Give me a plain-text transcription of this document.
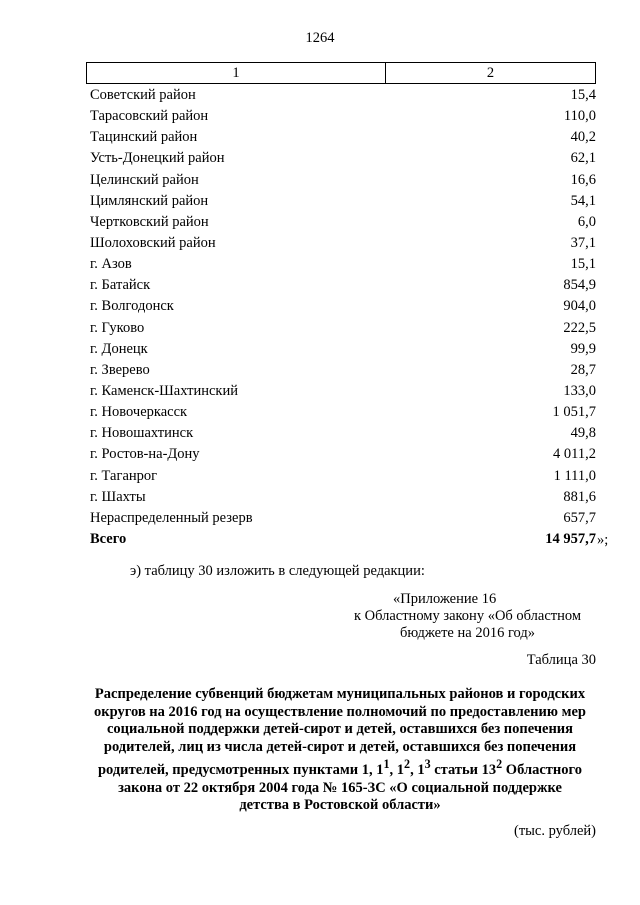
1264
1	2
Советский район	15,4
Тарасовский район	110,0
Тацинский район	40,2
Усть-Донецкий район	62,1
Целинский район	16,6
Цимлянский район	54,1
Чертковский район	6,0
Шолоховский район	37,1
г. Азов	15,1
г. Батайск	854,9
г. Волгодонск	904,0
г. Гуково	222,5
г. Донецк	99,9
г. Зверево	28,7
г. Каменск-Шахтинский	133,0
г. Новочеркасск	1 051,7
г. Новошахтинск	49,8
г. Ростов-на-Дону	4 011,2
г. Таганрог	1 111,0
г. Шахты	881,6
Нераспределенный резерв	657,7
Всего	14 957,7 »;
э) таблицу 30 изложить в следующей редакции:
«Приложение 16
к Областному закону «Об областном
бюджете на 2016 год»
Таблица 30
Распределение субвенций бюджетам муниципальных районов и городских
округов на 2016 год на осуществление полномочий по предоставлению мер
социальной поддержки детей-сирот и детей, оставшихся без попечения
родителей, лиц из числа детей-сирот и детей, оставшихся без попечения
родителей, предусмотренных пунктами 1, $1^1$, $1^2$, $1^3$ статьи $13^2$ Областного
закона от 22 октября 2004 года № 165-ЗС «О социальной поддержке
детства в Ростовской области»
(тыс. рублей)
